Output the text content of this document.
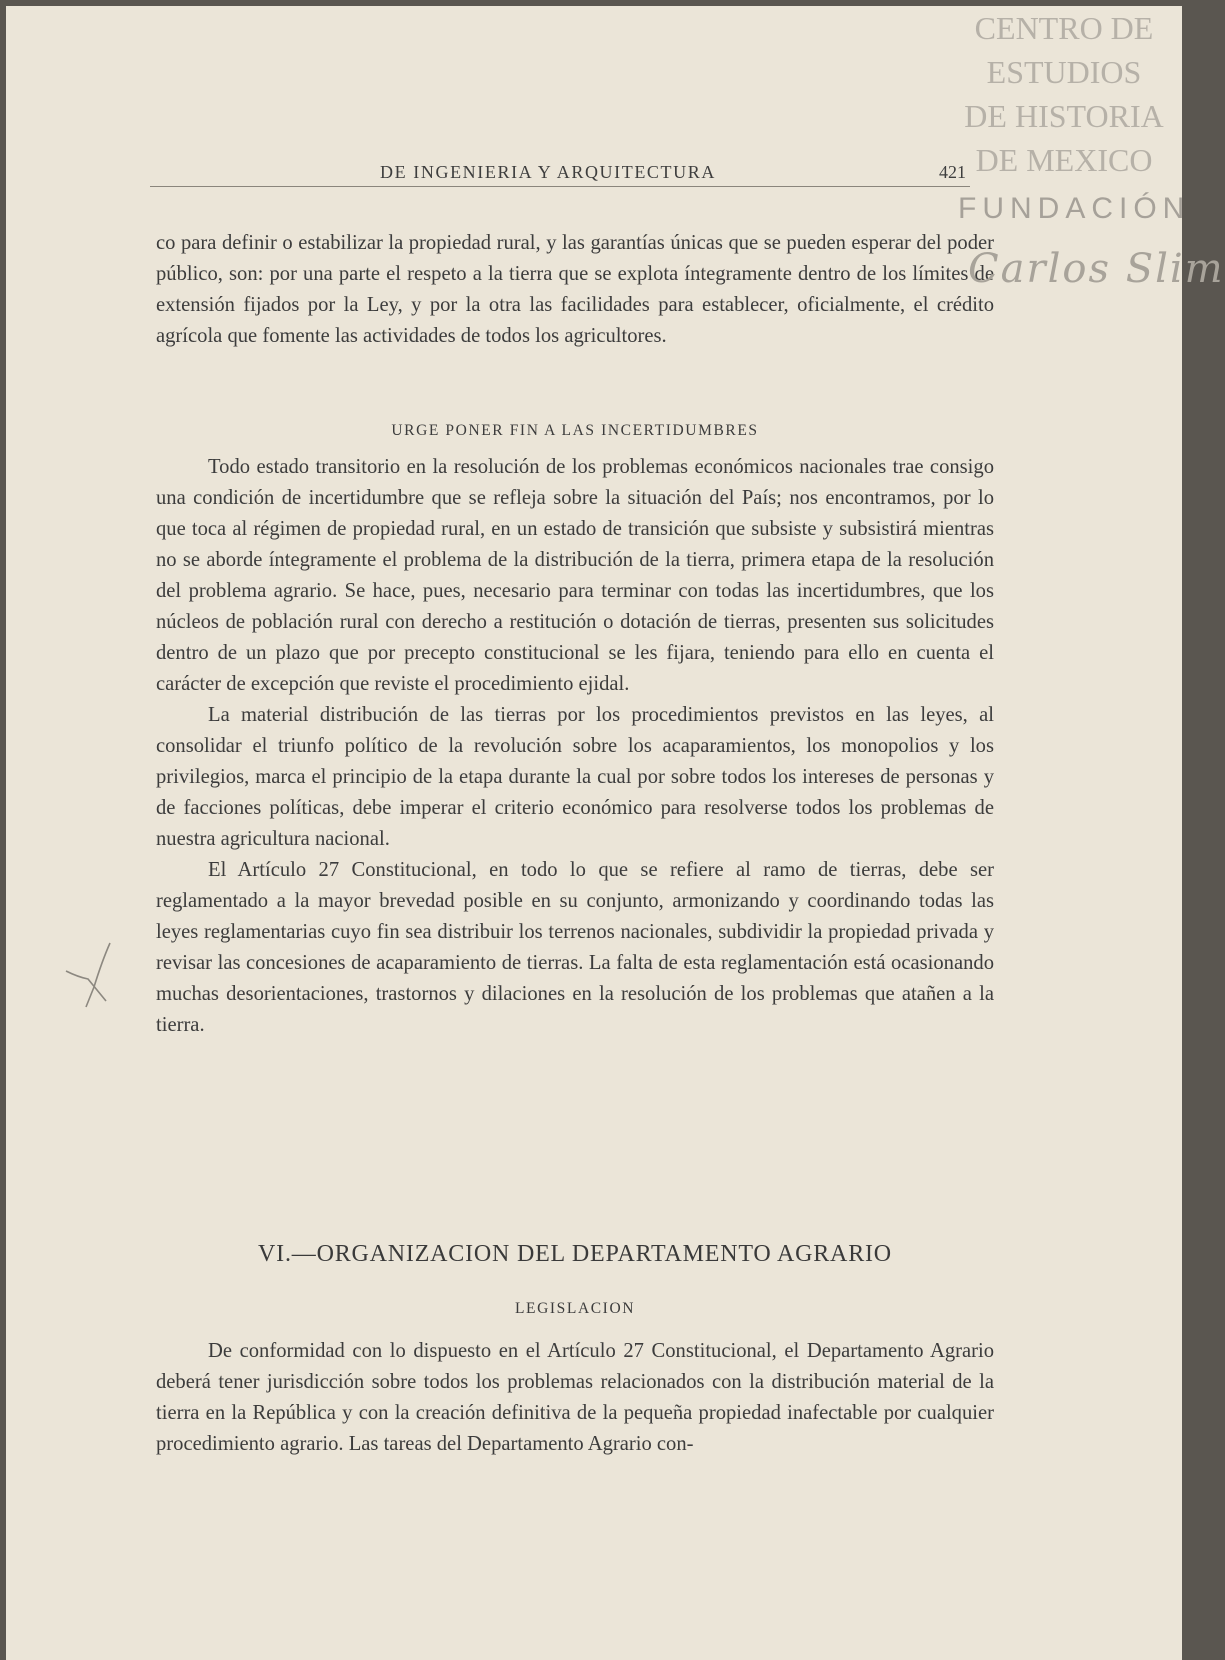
DE INGENIERIA Y ARQUITECTURA	421

co para definir o estabilizar la propiedad rural, y las garantías únicas que se pueden esperar del poder público, son: por una parte el respeto a la tierra que se explota íntegramente dentro de los límites de extensión fijados por la Ley, y por la otra las facilidades para establecer, oficialmente, el crédito agrícola que fomente las actividades de todos los agricultores.

URGE PONER FIN A LAS INCERTIDUMBRES

Todo estado transitorio en la resolución de los problemas económicos nacionales trae consigo una condición de incertidumbre que se refleja sobre la situación del País; nos encontramos, por lo que toca al régimen de propiedad rural, en un estado de transición que subsiste y subsistirá mientras no se aborde íntegramente el problema de la distribución de la tierra, primera etapa de la resolución del problema agrario. Se hace, pues, necesario para terminar con todas las incertidumbres, que los núcleos de población rural con derecho a restitución o dotación de tierras, presenten sus solicitudes dentro de un plazo que por precepto constitucional se les fijara, teniendo para ello en cuenta el carácter de excepción que reviste el procedimiento ejidal.

La material distribución de las tierras por los procedimientos previstos en las leyes, al consolidar el triunfo político de la revolución sobre los acaparamientos, los monopolios y los privilegios, marca el principio de la etapa durante la cual por sobre todos los intereses de personas y de facciones políticas, debe imperar el criterio económico para resolverse todos los problemas de nuestra agricultura nacional.

El Artículo 27 Constitucional, en todo lo que se refiere al ramo de tierras, debe ser reglamentado a la mayor brevedad posible en su conjunto, armonizando y coordinando todas las leyes reglamentarias cuyo fin sea distribuir los terrenos nacionales, subdividir la propiedad privada y revisar las concesiones de acaparamiento de tierras. La falta de esta reglamentación está ocasionando muchas desorientaciones, trastornos y dilaciones en la resolución de los problemas que atañen a la tierra.

VI.—ORGANIZACION DEL DEPARTAMENTO AGRARIO
LEGISLACION

De conformidad con lo dispuesto en el Artículo 27 Constitucional, el Departamento Agrario deberá tener jurisdicción sobre todos los problemas relacionados con la distribución material de la tierra en la República y con la creación definitiva de la pequeña propiedad inafectable por cualquier procedimiento agrario. Las tareas del Departamento Agrario con-

CENTRO DE
ESTUDIOS
DE HISTORIA
DE MEXICO
FUNDACIÓN
Carlos Slim
